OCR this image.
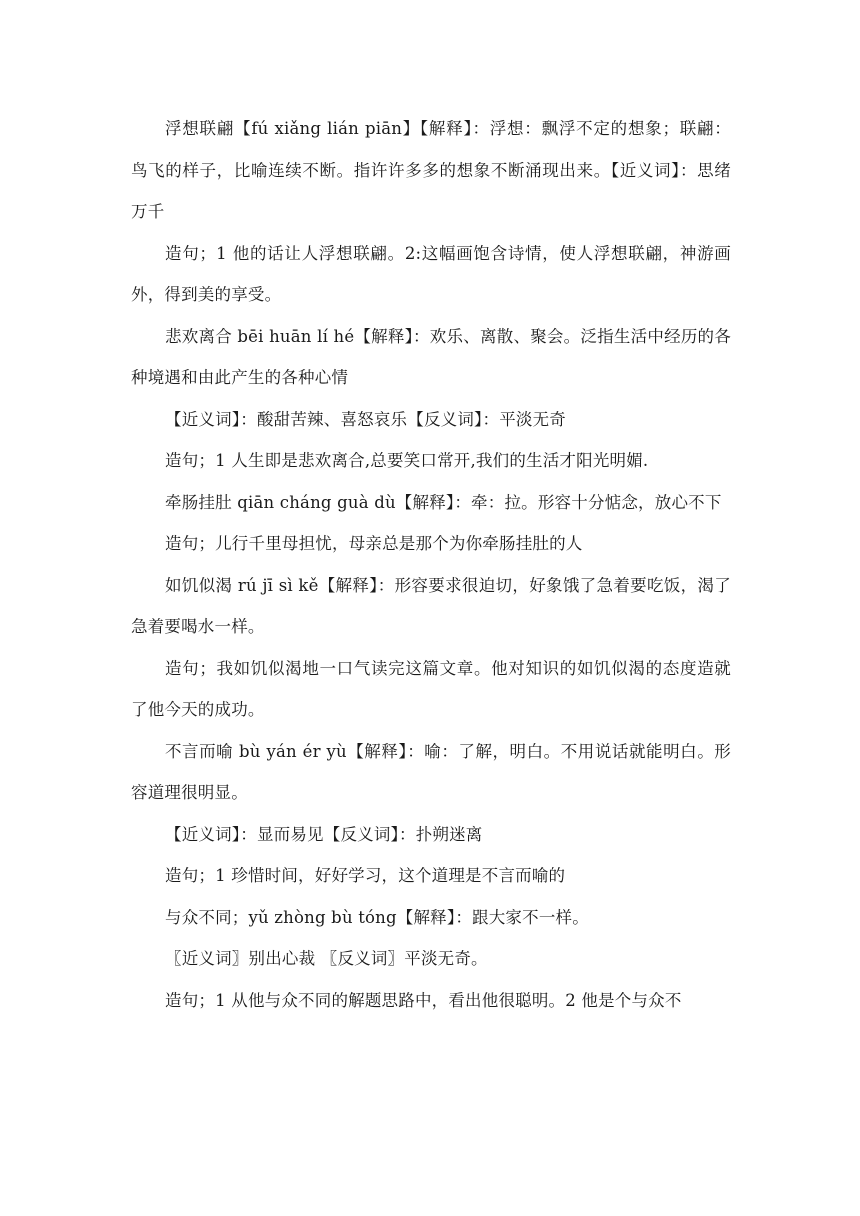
浮想联翩【fú xiǎng lián piān】【解释】：浮想：飘浮不定的想象；联翩：鸟飞的样子，比喻连续不断。指许许多多的想象不断涌现出来。【近义词】：思绪万千

造句；1 他的话让人浮想联翩。2:这幅画饱含诗情，使人浮想联翩，神游画外，得到美的享受。

悲欢离合 bēi huān lí hé【解释】：欢乐、离散、聚会。泛指生活中经历的各种境遇和由此产生的各种心情

【近义词】：酸甜苦辣、喜怒哀乐【反义词】：平淡无奇

造句；1 人生即是悲欢离合,总要笑口常开,我们的生活才阳光明媚.

牵肠挂肚 qiān cháng guà dù【解释】：牵：拉。形容十分惦念，放心不下

造句；儿行千里母担忧，母亲总是那个为你牵肠挂肚的人

如饥似渴 rú jī sì kě【解释】：形容要求很迫切，好象饿了急着要吃饭，渴了急着要喝水一样。

造句；我如饥似渴地一口气读完这篇文章。他对知识的如饥似渴的态度造就了他今天的成功。

不言而喻 bù yán ér yù【解释】：喻：了解，明白。不用说话就能明白。形容道理很明显。

【近义词】：显而易见【反义词】：扑朔迷离

造句；1 珍惜时间，好好学习，这个道理是不言而喻的

与众不同；yǔ zhòng bù tóng【解释】：跟大家不一样。

〖近义词〗别出心裁 〖反义词〗平淡无奇。

造句；1 从他与众不同的解题思路中，看出他很聪明。2 他是个与众不
